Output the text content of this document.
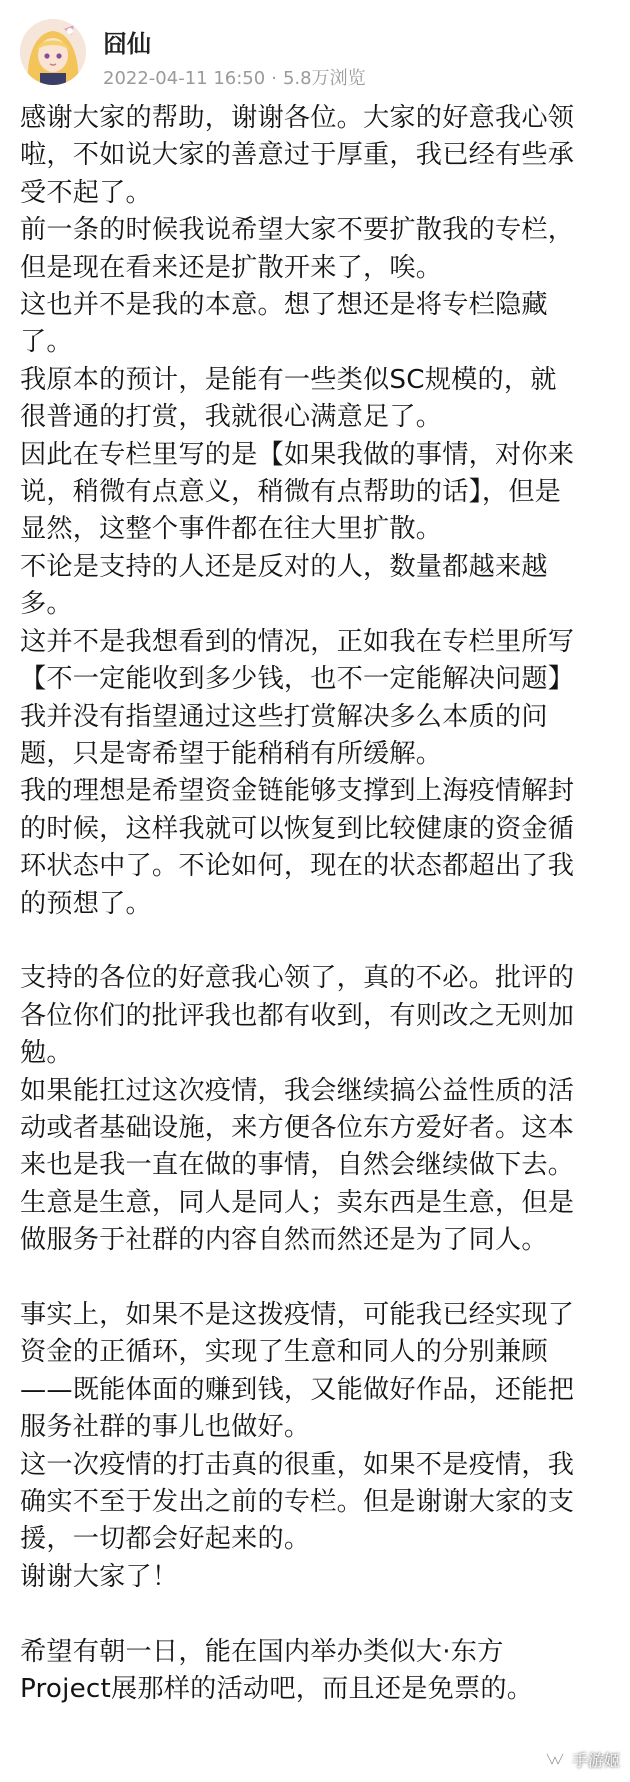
囧仙
2022-04-11 16:50 · 5.8万浏览

感谢大家的帮助，谢谢各位。大家的好意我心领

啦，不如说大家的善意过于厚重，我已经有些承

受不起了。

前一条的时候我说希望大家不要扩散我的专栏，

但是现在看来还是扩散开来了，唉。

这也并不是我的本意。想了想还是将专栏隐藏

了。

我原本的预计，是能有一些类似SC规模的，就

很普通的打赏，我就很心满意足了。

因此在专栏里写的是【如果我做的事情，对你来

说，稍微有点意义，稍微有点帮助的话】，但是

显然，这整个事件都在往大里扩散。

不论是支持的人还是反对的人，数量都越来越

多。

这并不是我想看到的情况，正如我在专栏里所写

【不一定能收到多少钱，也不一定能解决问题】

我并没有指望通过这些打赏解决多么本质的问

题，只是寄希望于能稍稍有所缓解。

我的理想是希望资金链能够支撑到上海疫情解封

的时候，这样我就可以恢复到比较健康的资金循

环状态中了。不论如何，现在的状态都超出了我

的预想了。

支持的各位的好意我心领了，真的不必。批评的

各位你们的批评我也都有收到，有则改之无则加

勉。

如果能扛过这次疫情，我会继续搞公益性质的活

动或者基础设施，来方便各位东方爱好者。这本

来也是我一直在做的事情，自然会继续做下去。

生意是生意，同人是同人；卖东西是生意，但是

做服务于社群的内容自然而然还是为了同人。

事实上，如果不是这拨疫情，可能我已经实现了

资金的正循环，实现了生意和同人的分别兼顾

——既能体面的赚到钱，又能做好作品，还能把

服务社群的事儿也做好。

这一次疫情的打击真的很重，如果不是疫情，我

确实不至于发出之前的专栏。但是谢谢大家的支

援，一切都会好起来的。

谢谢大家了！

希望有朝一日，能在国内举办类似大·东方

Project展那样的活动吧，而且还是免票的。

手游姬
